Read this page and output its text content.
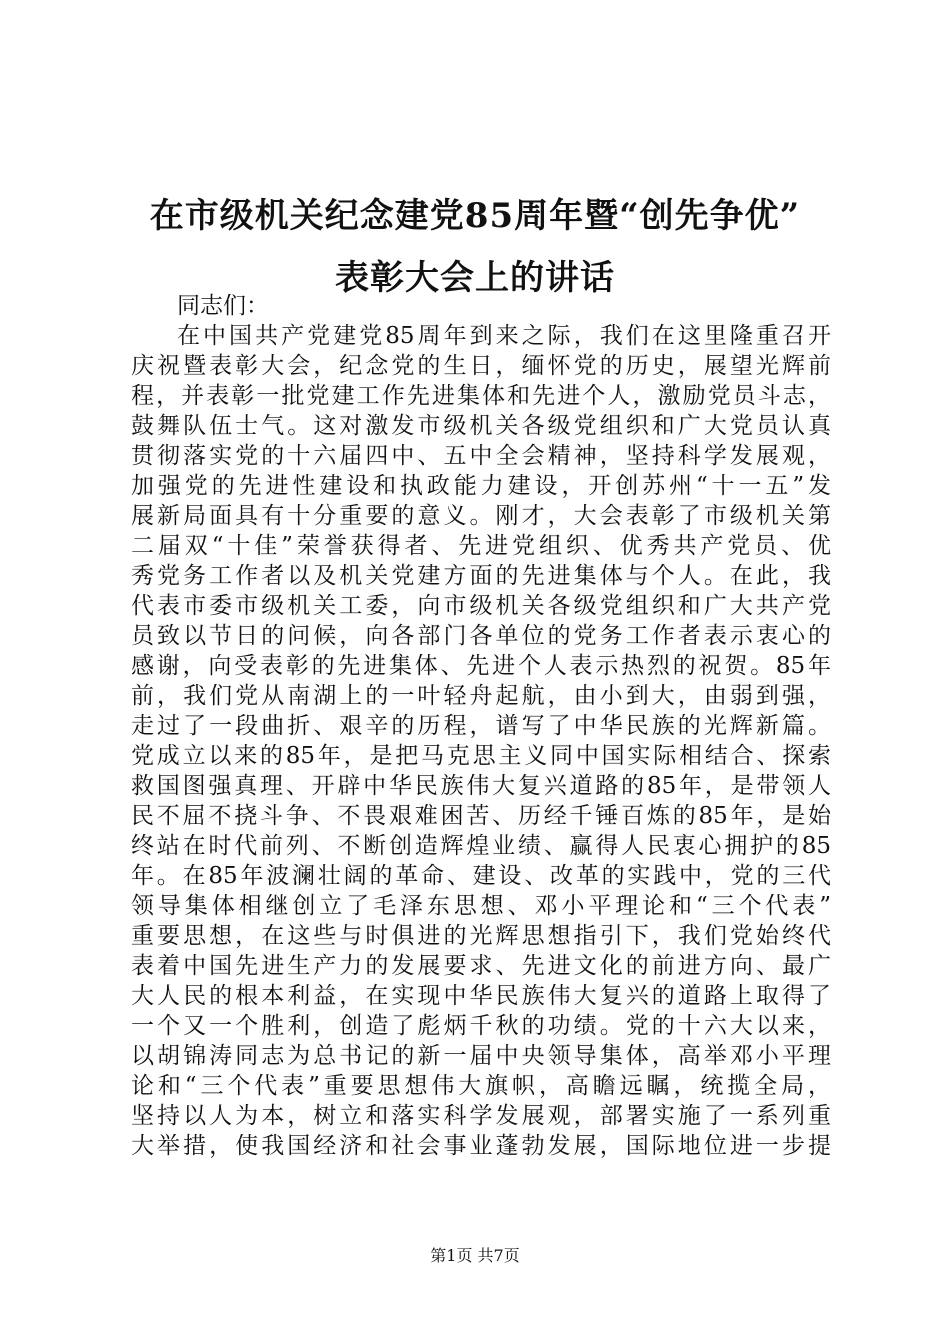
在市级机关纪念建党85周年暨“创先争优”
表彰大会上的讲话
同志们：
在中国共产党建党85周年到来之际，我们在这里隆重召开
庆祝暨表彰大会，纪念党的生日，缅怀党的历史，展望光辉前
程，并表彰一批党建工作先进集体和先进个人，激励党员斗志，
鼓舞队伍士气。这对激发市级机关各级党组织和广大党员认真
贯彻落实党的十六届四中、五中全会精神，坚持科学发展观，
加强党的先进性建设和执政能力建设，开创苏州“十一五”发
展新局面具有十分重要的意义。刚才，大会表彰了市级机关第
二届双“十佳”荣誉获得者、先进党组织、优秀共产党员、优
秀党务工作者以及机关党建方面的先进集体与个人。在此，我
代表市委市级机关工委，向市级机关各级党组织和广大共产党
员致以节日的问候，向各部门各单位的党务工作者表示衷心的
感谢，向受表彰的先进集体、先进个人表示热烈的祝贺。85年
前，我们党从南湖上的一叶轻舟起航，由小到大，由弱到强，
走过了一段曲折、艰辛的历程，谱写了中华民族的光辉新篇。
党成立以来的85年，是把马克思主义同中国实际相结合、探索
救国图强真理、开辟中华民族伟大复兴道路的85年，是带领人
民不屈不挠斗争、不畏艰难困苦、历经千锤百炼的85年，是始
终站在时代前列、不断创造辉煌业绩、赢得人民衷心拥护的85
年。在85年波澜壮阔的革命、建设、改革的实践中，党的三代
领导集体相继创立了毛泽东思想、邓小平理论和“三个代表”
重要思想，在这些与时俱进的光辉思想指引下，我们党始终代
表着中国先进生产力的发展要求、先进文化的前进方向、最广
大人民的根本利益，在实现中华民族伟大复兴的道路上取得了
一个又一个胜利，创造了彪炳千秋的功绩。党的十六大以来，
以胡锦涛同志为总书记的新一届中央领导集体，高举邓小平理
论和“三个代表”重要思想伟大旗帜，高瞻远瞩，统揽全局，
坚持以人为本，树立和落实科学发展观，部署实施了一系列重
大举措，使我国经济和社会事业蓬勃发展，国际地位进一步提
第1页 共7页
